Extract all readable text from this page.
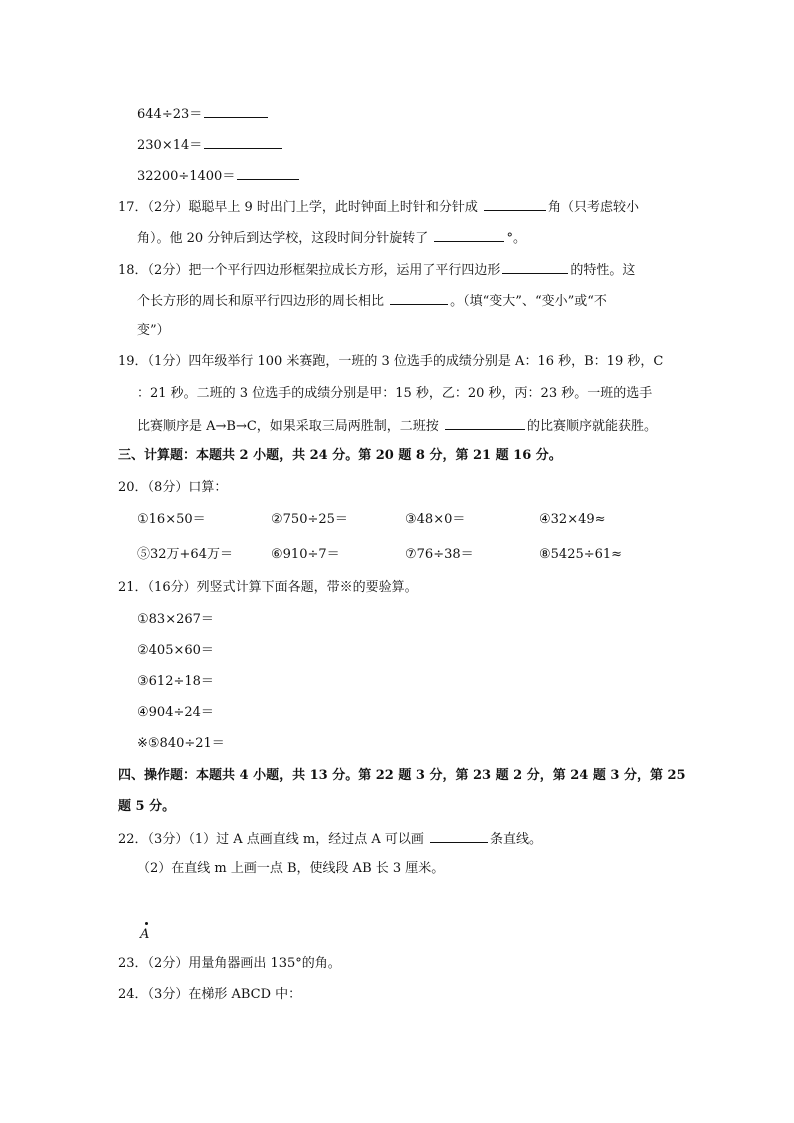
644÷23＝
230×14＝
32200÷1400＝
17．（2分）聪聪早上 9 时出门上学，此时钟面上时针和分针成	角（只考虑较小
角）。他 20 分钟后到达学校，这段时间分针旋转了	°。
18．（2分）把一个平行四边形框架拉成长方形，运用了平行四边形	的特性。这
个长方形的周长和原平行四边形的周长相比	。（填“变大”、“变小”或“不
变”）
19．（1分）四年级举行 100 米赛跑，一班的 3 位选手的成绩分别是 A：16 秒，B：19 秒，C
：21 秒。二班的 3 位选手的成绩分别是甲：15 秒，乙：20 秒，丙：23 秒。一班的选手
比赛顺序是 A→B→C，如果采取三局两胜制，二班按	的比赛顺序就能获胜。
三、计算题：本题共 2 小题，共 24 分。第 20 题 8 分，第 21 题 16 分。
20．（8分）口算：
①16×50＝	②750÷25＝	③48×0＝	④32×49≈
⑤32万+64万＝	⑥910÷7＝	⑦76÷38＝	⑧5425÷61≈
21．（16分）列竖式计算下面各题，带※的要验算。
①83×267＝
②405×60＝
③612÷18＝
④904÷24＝
※⑤840÷21＝
四、操作题：本题共 4 小题，共 13 分。第 22 题 3 分，第 23 题 2 分，第 24 题 3 分，第 25
题 5 分。
22．（3分）（1）过 A 点画直线 m，经过点 A 可以画	条直线。
（2）在直线 m 上画一点 B，使线段 AB 长 3 厘米。
A
23．（2分）用量角器画出 135°的角。
24．（3分）在梯形 ABCD 中：
